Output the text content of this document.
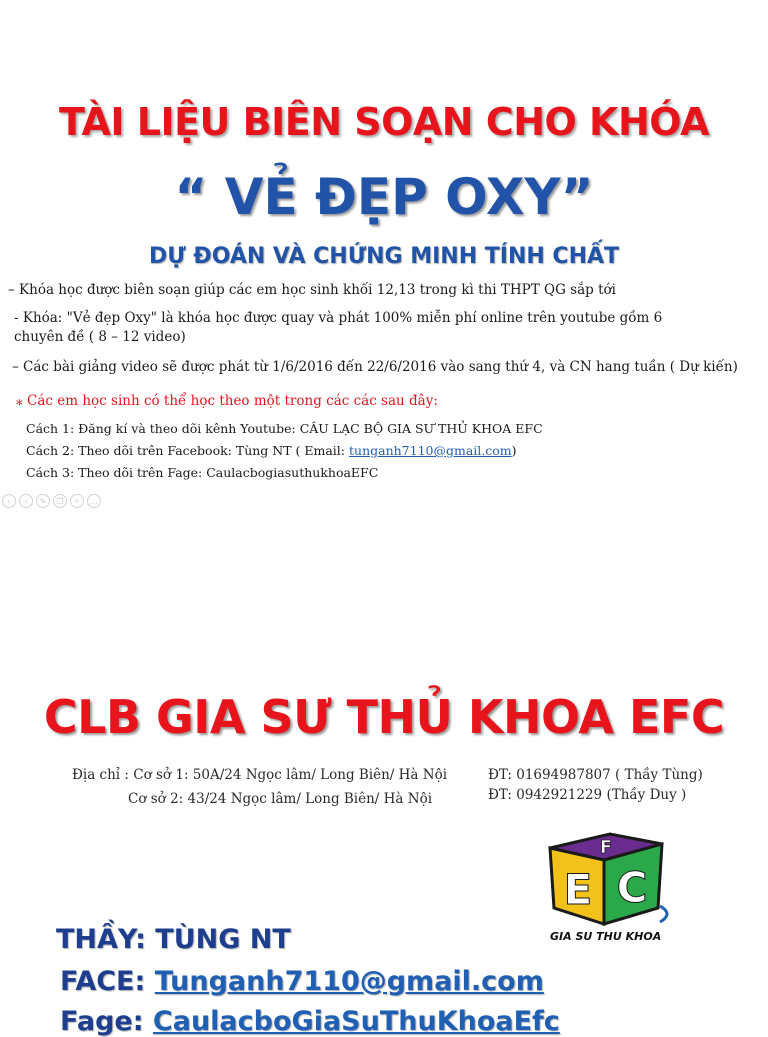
TÀI LIỆU BIÊN SOẠN CHO KHÓA
“ VẺ ĐẸP OXY”
DỰ ĐOÁN VÀ CHỨNG MINH TÍNH CHẤT
– Khóa học được biên soạn giúp các em học sinh khối 12,13 trong kì thi THPT QG sắp tới
- Khóa: "Vẻ đẹp Oxy" là khóa học được quay và phát 100% miễn phí online trên youtube gồm 6
chuyên đề ( 8 – 12 video)
– Các bài giảng video sẽ được phát từ 1/6/2016 đến 22/6/2016 vào sang thứ 4, và CN hang tuần ( Dự kiến)
⁎ Các em học sinh có thể học theo một trong các các sau đây:
Cách 1: Đăng kí và theo dõi kênh Youtube: CÂU LẠC BỘ GIA SƯ THỦ KHOA EFC
Cách 2: Theo dõi trên Facebook: Tùng NT ( Email: tunganh7110@gmail.com)
Cách 3: Theo dõi trên Fage: CaulacbogiasuthukhoaEFC
‹	›	✎	❐	⌕	…
CLB GIA SƯ THỦ KHOA EFC
Địa chỉ : Cơ sở 1: 50A/24 Ngọc lâm/ Long Biên/ Hà Nội
Cơ sở 2: 43/24 Ngọc lâm/ Long Biên/ Hà Nội
ĐT: 01694987807 ( Thầy Tùng)
ĐT: 0942921229 (Thầy Duy )
F
E C
GIA SU THU KHOA
THẦY: TÙNG NT
FACE: Tunganh7110@gmail.com
Fage: CaulacboGiaSuThuKhoaEfc
